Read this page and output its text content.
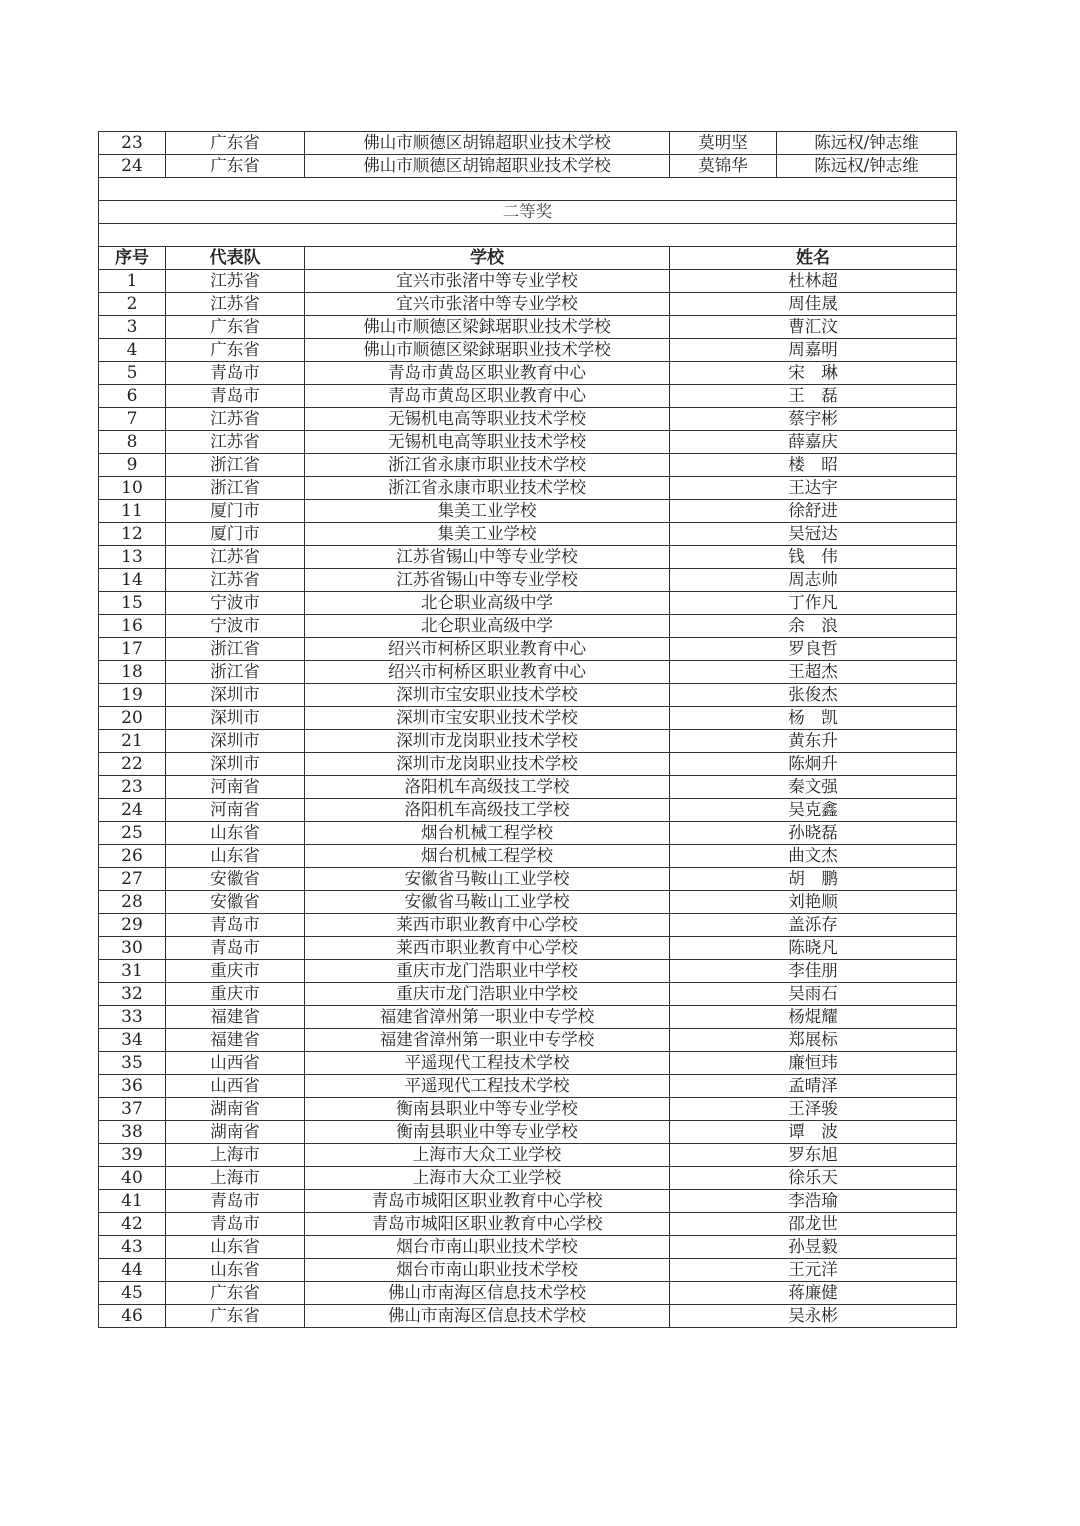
23	广东省	佛山市顺德区胡锦超职业技术学校	莫明坚	陈远权/钟志维
24	广东省	佛山市顺德区胡锦超职业技术学校	莫锦华	陈远权/钟志维

二等奖				

序号	代表队	学校	姓名	
1	江苏省	宜兴市张渚中等专业学校	杜林超	
2	江苏省	宜兴市张渚中等专业学校	周佳晟	
3	广东省	佛山市顺德区梁銶琚职业技术学校	曹汇汶	
4	广东省	佛山市顺德区梁銶琚职业技术学校	周嘉明	
5	青岛市	青岛市黄岛区职业教育中心	宋　琳	
6	青岛市	青岛市黄岛区职业教育中心	王　磊	
7	江苏省	无锡机电高等职业技术学校	蔡宇彬	
8	江苏省	无锡机电高等职业技术学校	薛嘉庆	
9	浙江省	浙江省永康市职业技术学校	楼　昭	
10	浙江省	浙江省永康市职业技术学校	王达宇	
11	厦门市	集美工业学校	徐舒进	
12	厦门市	集美工业学校	吴冠达	
13	江苏省	江苏省锡山中等专业学校	钱　伟	
14	江苏省	江苏省锡山中等专业学校	周志帅	
15	宁波市	北仑职业高级中学	丁作凡	
16	宁波市	北仑职业高级中学	余　浪	
17	浙江省	绍兴市柯桥区职业教育中心	罗良哲	
18	浙江省	绍兴市柯桥区职业教育中心	王超杰	
19	深圳市	深圳市宝安职业技术学校	张俊杰	
20	深圳市	深圳市宝安职业技术学校	杨　凯	
21	深圳市	深圳市龙岗职业技术学校	黄东升	
22	深圳市	深圳市龙岗职业技术学校	陈炯升	
23	河南省	洛阳机车高级技工学校	秦文强	
24	河南省	洛阳机车高级技工学校	吴克鑫	
25	山东省	烟台机械工程学校	孙晓磊	
26	山东省	烟台机械工程学校	曲文杰	
27	安徽省	安徽省马鞍山工业学校	胡　鹏	
28	安徽省	安徽省马鞍山工业学校	刘艳顺	
29	青岛市	莱西市职业教育中心学校	盖泺存	
30	青岛市	莱西市职业教育中心学校	陈晓凡	
31	重庆市	重庆市龙门浩职业中学校	李佳朋	
32	重庆市	重庆市龙门浩职业中学校	吴雨石	
33	福建省	福建省漳州第一职业中专学校	杨焜耀	
34	福建省	福建省漳州第一职业中专学校	郑展标	
35	山西省	平遥现代工程技术学校	廉恒玮	
36	山西省	平遥现代工程技术学校	孟晴泽	
37	湖南省	衡南县职业中等专业学校	王泽骏	
38	湖南省	衡南县职业中等专业学校	谭　波	
39	上海市	上海市大众工业学校	罗东旭	
40	上海市	上海市大众工业学校	徐乐天	
41	青岛市	青岛市城阳区职业教育中心学校	李浩瑜	
42	青岛市	青岛市城阳区职业教育中心学校	邵龙世	
43	山东省	烟台市南山职业技术学校	孙昱毅	
44	山东省	烟台市南山职业技术学校	王元洋	
45	广东省	佛山市南海区信息技术学校	蒋廉健	
46	广东省	佛山市南海区信息技术学校	吴永彬	
